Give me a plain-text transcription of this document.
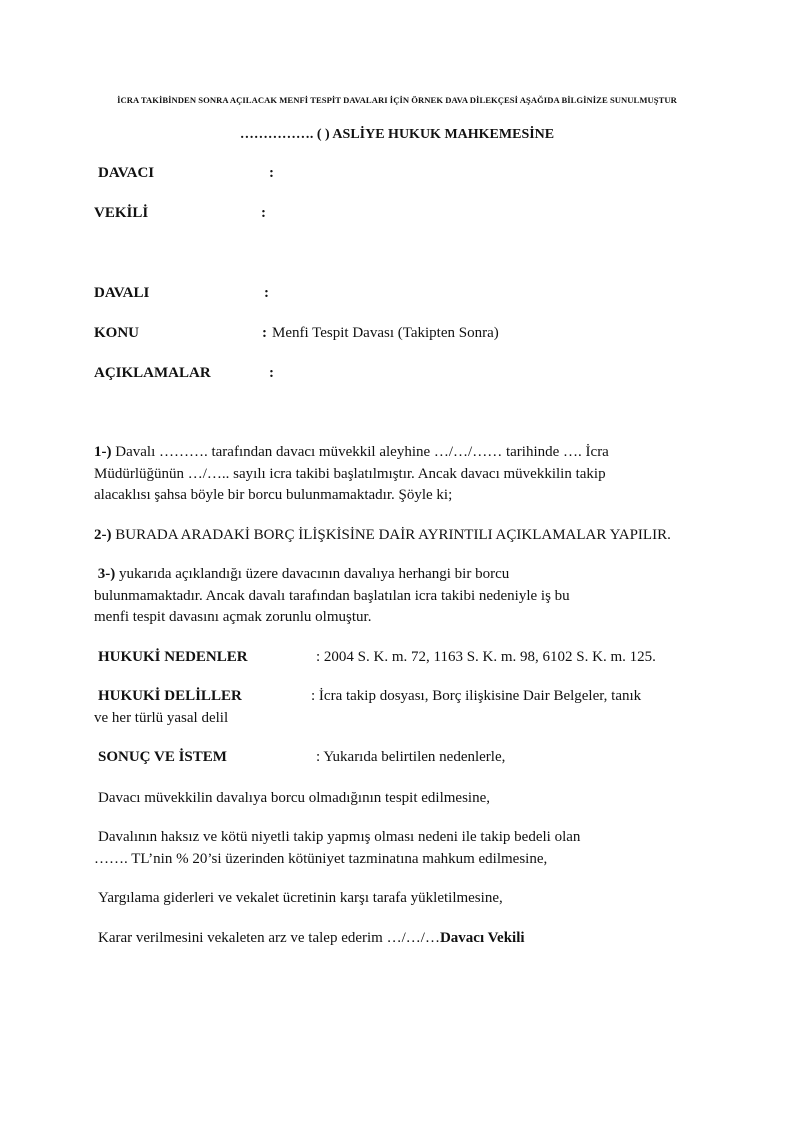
İCRA TAKİBİNDEN SONRA AÇILACAK MENFİ TESPİT DAVALARI İÇİN ÖRNEK DAVA DİLEKÇESİ AŞAĞIDA BİLGİNİZE SUNULMUŞTUR
……………. ( ) ASLİYE HUKUK MAHKEMESİNE
DAVACI	:
VEKİLİ	:
DAVALI	:
KONU	: Menfi Tespit Davası (Takipten Sonra)
AÇIKLAMALAR	:
1-) Davalı ………. tarafından davacı müvekkil aleyhine …/…/…… tarihinde …. İcra
Müdürlüğünün …/….. sayılı icra takibi başlatılmıştır. Ancak davacı müvekkilin takip
alacaklısı şahsa böyle bir borcu bulunmamaktadır. Şöyle ki;
2-) BURADA ARADAKİ BORÇ İLİŞKİSİNE DAİR AYRINTILI AÇIKLAMALAR YAPILIR.
3-) yukarıda açıklandığı üzere davacının davalıya herhangi bir borcu
bulunmamaktadır. Ancak davalı tarafından başlatılan icra takibi nedeniyle iş bu
menfi tespit davasını açmak zorunlu olmuştur.
HUKUKİ NEDENLER	: 2004 S. K. m. 72, 1163 S. K. m. 98, 6102 S. K. m. 125.
HUKUKİ DELİLLER	: İcra takip dosyası, Borç ilişkisine Dair Belgeler, tanık
ve her türlü yasal delil
SONUÇ VE İSTEM	: Yukarıda belirtilen nedenlerle,
Davacı müvekkilin davalıya borcu olmadığının tespit edilmesine,
Davalının haksız ve kötü niyetli takip yapmış olması nedeni ile takip bedeli olan
……. TL’nin % 20’si üzerinden kötüniyet tazminatına mahkum edilmesine,
Yargılama giderleri ve vekalet ücretinin karşı tarafa yükletilmesine,
Karar verilmesini vekaleten arz ve talep ederim …/…/…Davacı Vekili
